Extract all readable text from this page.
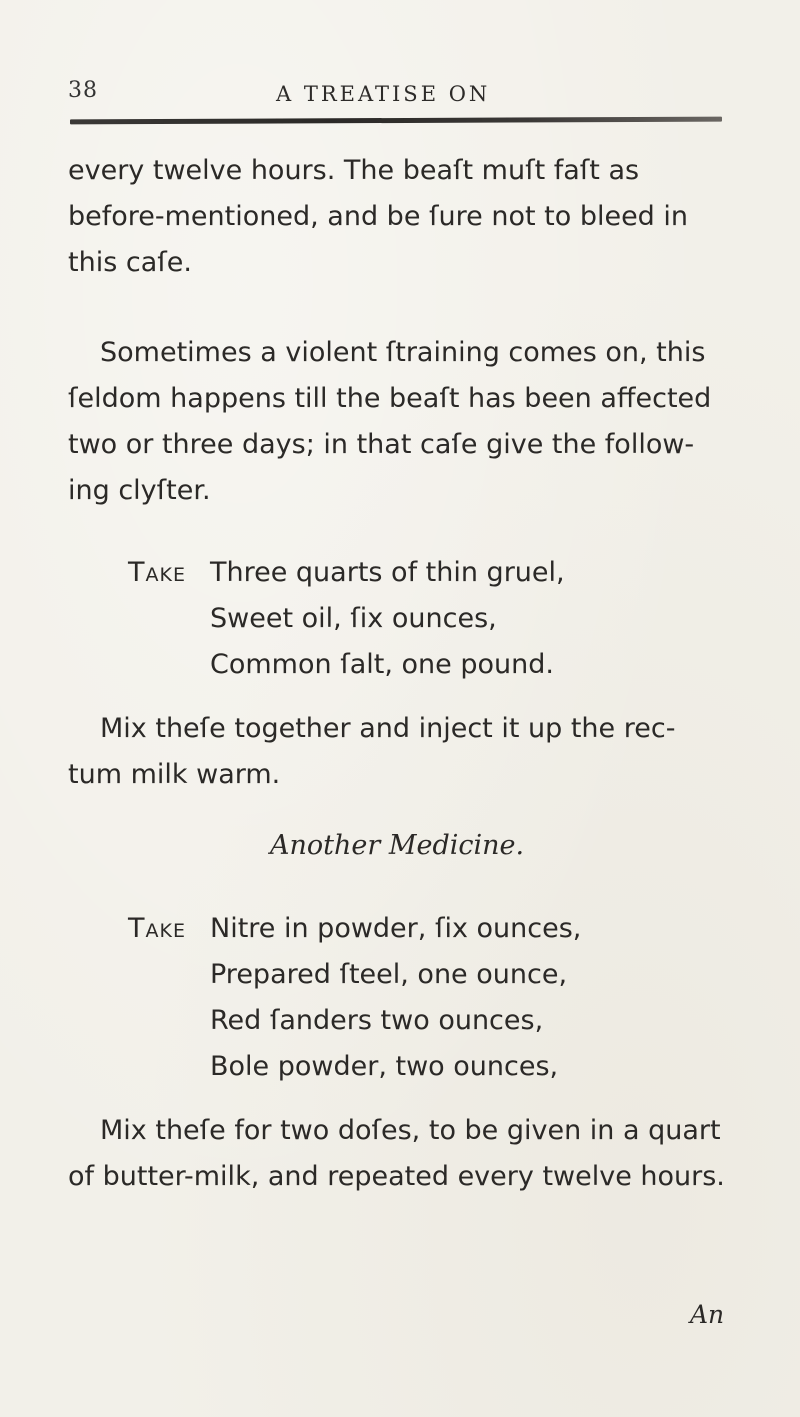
38	A TREATISE ON
every twelve hours. The beaſt muſt faſt as
before-mentioned, and be ſure not to bleed in
this caſe.
Sometimes a violent ſtraining comes on, this
ſeldom happens till the beaſt has been affected
two or three days; in that caſe give the follow-
ing clyſter.
Take Three quarts of thin gruel,
Sweet oil, ſix ounces,
Common ſalt, one pound.
Mix theſe together and inject it up the rec-
tum milk warm.
Another Medicine.
Take Nitre in powder, ſix ounces,
Prepared ſteel, one ounce,
Red ſanders two ounces,
Bole powder, two ounces,
Mix theſe for two doſes, to be given in a quart
of butter-milk, and repeated every twelve hours.
An
